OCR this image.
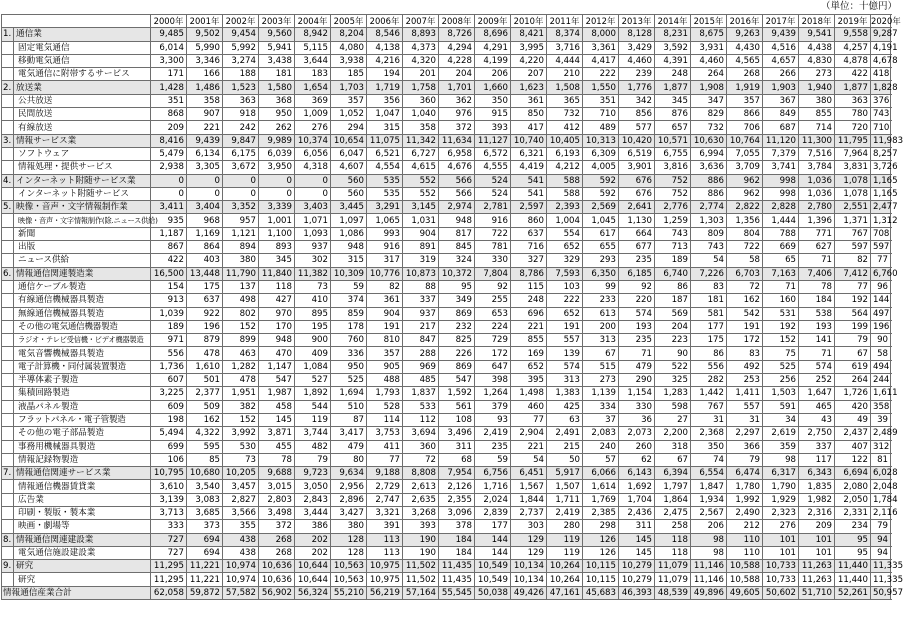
（単位：十億円）
		2000年	2001年	2002年	2003年	2004年	2005年	2006年	2007年	2008年	2009年	2010年	2011年	2012年	2013年	2014年	2015年	2016年	2017年	2018年	2019年	2020年
1.	通信業	9,485	9,502	9,454	9,560	8,942	8,204	8,546	8,893	8,726	8,696	8,421	8,374	8,000	8,128	8,231	8,675	9,263	9,439	9,541	9,558	9,287
	固定電気通信	6,014	5,990	5,992	5,941	5,115	4,080	4,138	4,373	4,294	4,291	3,995	3,716	3,361	3,429	3,592	3,931	4,430	4,516	4,438	4,257	4,191
	移動電気通信	3,300	3,346	3,274	3,438	3,644	3,938	4,216	4,320	4,228	4,199	4,220	4,444	4,417	4,460	4,391	4,460	4,565	4,657	4,830	4,878	4,678
	電気通信に附帯するサービス	171	166	188	181	183	185	194	201	204	206	207	210	222	239	248	264	268	266	273	422	418
2.	放送業	1,428	1,486	1,523	1,580	1,654	1,703	1,719	1,758	1,701	1,660	1,623	1,508	1,550	1,776	1,877	1,908	1,919	1,903	1,940	1,877	1,828
	公共放送	351	358	363	368	369	357	356	360	362	350	361	365	351	342	345	347	357	367	380	363	376
	民間放送	868	907	918	950	1,009	1,052	1,047	1,040	976	915	850	732	710	856	876	829	866	849	855	780	743
	有線放送	209	221	242	262	276	294	315	358	372	393	417	412	489	577	657	732	706	687	714	720	710
3.	情報サービス業	8,416	9,439	9,847	9,989	10,374	10,654	11,075	11,342	11,634	11,127	10,740	10,405	10,313	10,420	10,571	10,630	10,764	11,120	11,300	11,795	11,983
	ソフトウェア	5,479	6,134	6,175	6,039	6,056	6,047	6,521	6,727	6,958	6,572	6,321	6,193	6,309	6,519	6,755	6,994	7,055	7,379	7,516	7,964	8,257
	情報処理・提供サービス	2,938	3,305	3,672	3,950	4,318	4,607	4,554	4,615	4,676	4,555	4,419	4,212	4,005	3,901	3,816	3,636	3,709	3,741	3,784	3,831	3,726
4.	インターネット附随サービス業	0	0	0	0	0	560	535	552	566	524	541	588	592	676	752	886	962	998	1,036	1,078	1,165
	インターネット附随サービス	0	0	0	0	0	560	535	552	566	524	541	588	592	676	752	886	962	998	1,036	1,078	1,165
5.	映像・音声・文字情報制作業	3,411	3,404	3,352	3,339	3,403	3,445	3,291	3,145	2,974	2,781	2,597	2,393	2,569	2,641	2,776	2,774	2,822	2,828	2,780	2,551	2,477
	映像・音声・文字情報制作(除.ニュース供給)	935	968	957	1,001	1,071	1,097	1,065	1,031	948	916	860	1,004	1,045	1,130	1,259	1,303	1,356	1,444	1,396	1,371	1,312
	新聞	1,187	1,169	1,121	1,100	1,093	1,086	993	904	817	722	637	554	617	664	743	809	804	788	771	767	708
	出版	867	864	894	893	937	948	916	891	845	781	716	652	655	677	713	743	722	669	627	597	597
	ニュース供給	422	403	380	345	302	315	317	319	324	330	327	329	293	235	189	54	58	65	71	82	77
6.	情報通信関連製造業	16,500	13,448	11,790	11,840	11,382	10,309	10,776	10,873	10,372	7,804	8,786	7,593	6,350	6,185	6,740	7,226	6,703	7,163	7,406	7,412	6,760
	通信ケーブル製造	154	175	137	118	73	59	82	88	95	92	115	103	99	92	86	83	72	71	78	77	96
	有線通信機械器具製造	913	637	498	427	410	374	361	337	349	255	248	222	233	220	187	181	162	160	184	192	144
	無線通信機械器具製造	1,039	922	802	970	895	859	904	937	869	653	696	652	613	574	569	581	542	531	538	564	497
	その他の電気通信機器製造	189	196	152	170	195	178	191	217	232	224	221	191	200	193	204	177	191	192	193	199	196
	ラジオ・テレビ受信機・ビデオ機器製造	971	879	899	948	900	760	810	847	825	729	855	557	313	235	223	175	172	152	141	79	90
	電気音響機械器具製造	556	478	463	470	409	336	357	288	226	172	169	139	67	71	90	86	83	75	71	67	58
	電子計算機・同付属装置製造	1,736	1,610	1,282	1,147	1,084	950	905	969	869	647	652	574	515	479	522	556	492	525	574	619	494
	半導体素子製造	607	501	478	547	527	525	488	485	547	398	395	313	273	290	325	282	253	256	252	264	244
	集積回路製造	3,225	2,377	1,951	1,987	1,892	1,694	1,793	1,837	1,592	1,264	1,498	1,383	1,139	1,154	1,283	1,442	1,411	1,503	1,647	1,726	1,611
	液晶パネル製造	609	509	382	458	544	510	528	533	561	379	460	425	334	330	598	767	557	591	465	420	358
	フラットパネル・電子管製造	198	162	152	145	119	87	114	112	108	93	77	63	37	36	27	31	31	34	43	49	39
	その他の電子部品製造	5,494	4,322	3,992	3,871	3,744	3,417	3,753	3,694	3,496	2,419	2,904	2,491	2,083	2,073	2,200	2,368	2,297	2,619	2,750	2,437	2,489
	事務用機械器具製造	699	595	530	455	482	479	411	360	311	235	221	215	240	260	318	350	366	359	337	407	312
	情報記録物製造	106	85	73	78	79	80	77	72	68	59	54	50	57	62	67	74	79	98	117	122	81
7.	情報通信関連サービス業	10,795	10,680	10,205	9,688	9,723	9,634	9,188	8,808	7,954	6,756	6,451	5,917	6,066	6,143	6,394	6,554	6,474	6,317	6,343	6,694	6,028
	情報通信機器賃貸業	3,610	3,540	3,457	3,015	3,050	2,956	2,729	2,613	2,126	1,716	1,567	1,507	1,614	1,692	1,797	1,847	1,780	1,790	1,835	2,080	2,048
	広告業	3,139	3,083	2,827	2,803	2,843	2,896	2,747	2,635	2,355	2,024	1,844	1,711	1,769	1,704	1,864	1,934	1,992	1,929	1,982	2,050	1,784
	印刷・製版・製本業	3,713	3,685	3,566	3,498	3,444	3,427	3,321	3,268	3,096	2,839	2,737	2,419	2,385	2,436	2,475	2,567	2,490	2,323	2,316	2,331	2,116
	映画・劇場等	333	373	355	372	386	380	391	393	378	177	303	280	298	311	258	206	212	276	209	234	79
8.	情報通信関連建設業	727	694	438	268	202	128	113	190	184	144	129	119	126	145	118	98	110	101	101	95	94
	電気通信施設建設業	727	694	438	268	202	128	113	190	184	144	129	119	126	145	118	98	110	101	101	95	94
9.	研究	11,295	11,221	10,974	10,636	10,644	10,563	10,975	11,502	11,435	10,549	10,134	10,264	10,115	10,279	11,079	11,146	10,588	10,733	11,263	11,440	11,335
	研究	11,295	11,221	10,974	10,636	10,644	10,563	10,975	11,502	11,435	10,549	10,134	10,264	10,115	10,279	11,079	11,146	10,588	10,733	11,263	11,440	11,335
情報通信産業合計		62,058	59,872	57,582	56,902	56,324	55,210	56,219	57,164	55,545	50,038	49,426	47,161	45,683	46,393	48,539	49,896	49,605	50,602	51,710	52,261	50,957
